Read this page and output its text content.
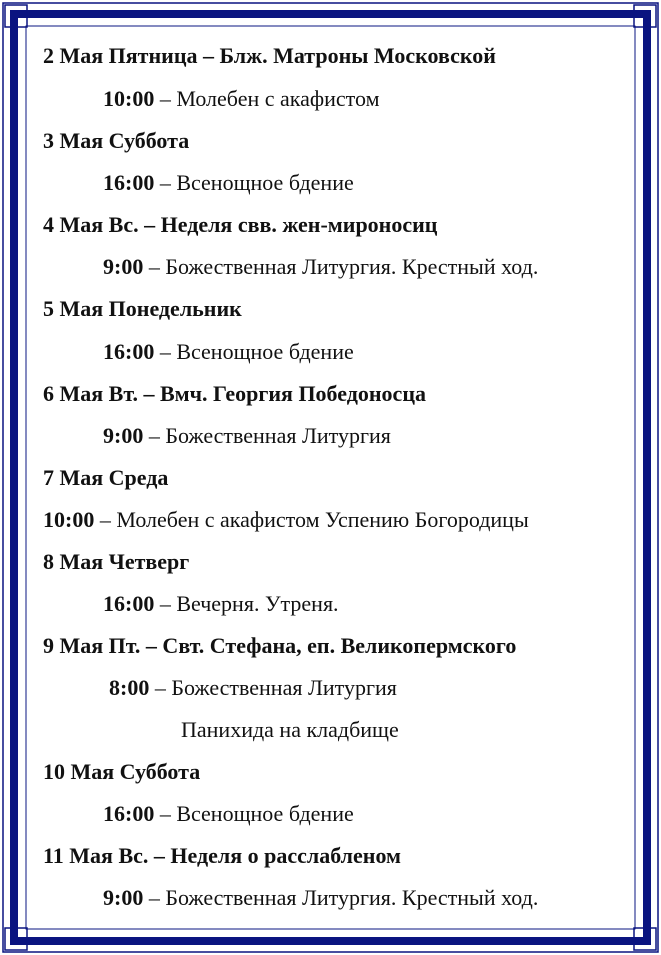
2 Мая Пятница – Блж. Матроны Московской
10:00 – Молебен с акафистом
3 Мая Суббота
16:00 – Всенощное бдение
4 Мая Вс. – Неделя свв. жен-мироносиц
9:00 – Божественная Литургия. Крестный ход.
5 Мая Понедельник
16:00 – Всенощное бдение
6 Мая Вт. – Вмч. Георгия Победоносца
9:00 – Божественная Литургия
7 Мая Среда
10:00 – Молебен с акафистом Успению Богородицы
8 Мая Четверг
16:00 – Вечерня. Утреня.
9 Мая Пт. – Свт. Стефана, еп. Великопермского
8:00 – Божественная Литургия
Панихида на кладбище
10 Мая Суббота
16:00 – Всенощное бдение
11 Мая Вс. – Неделя о расслабленом
9:00 – Божественная Литургия. Крестный ход.
